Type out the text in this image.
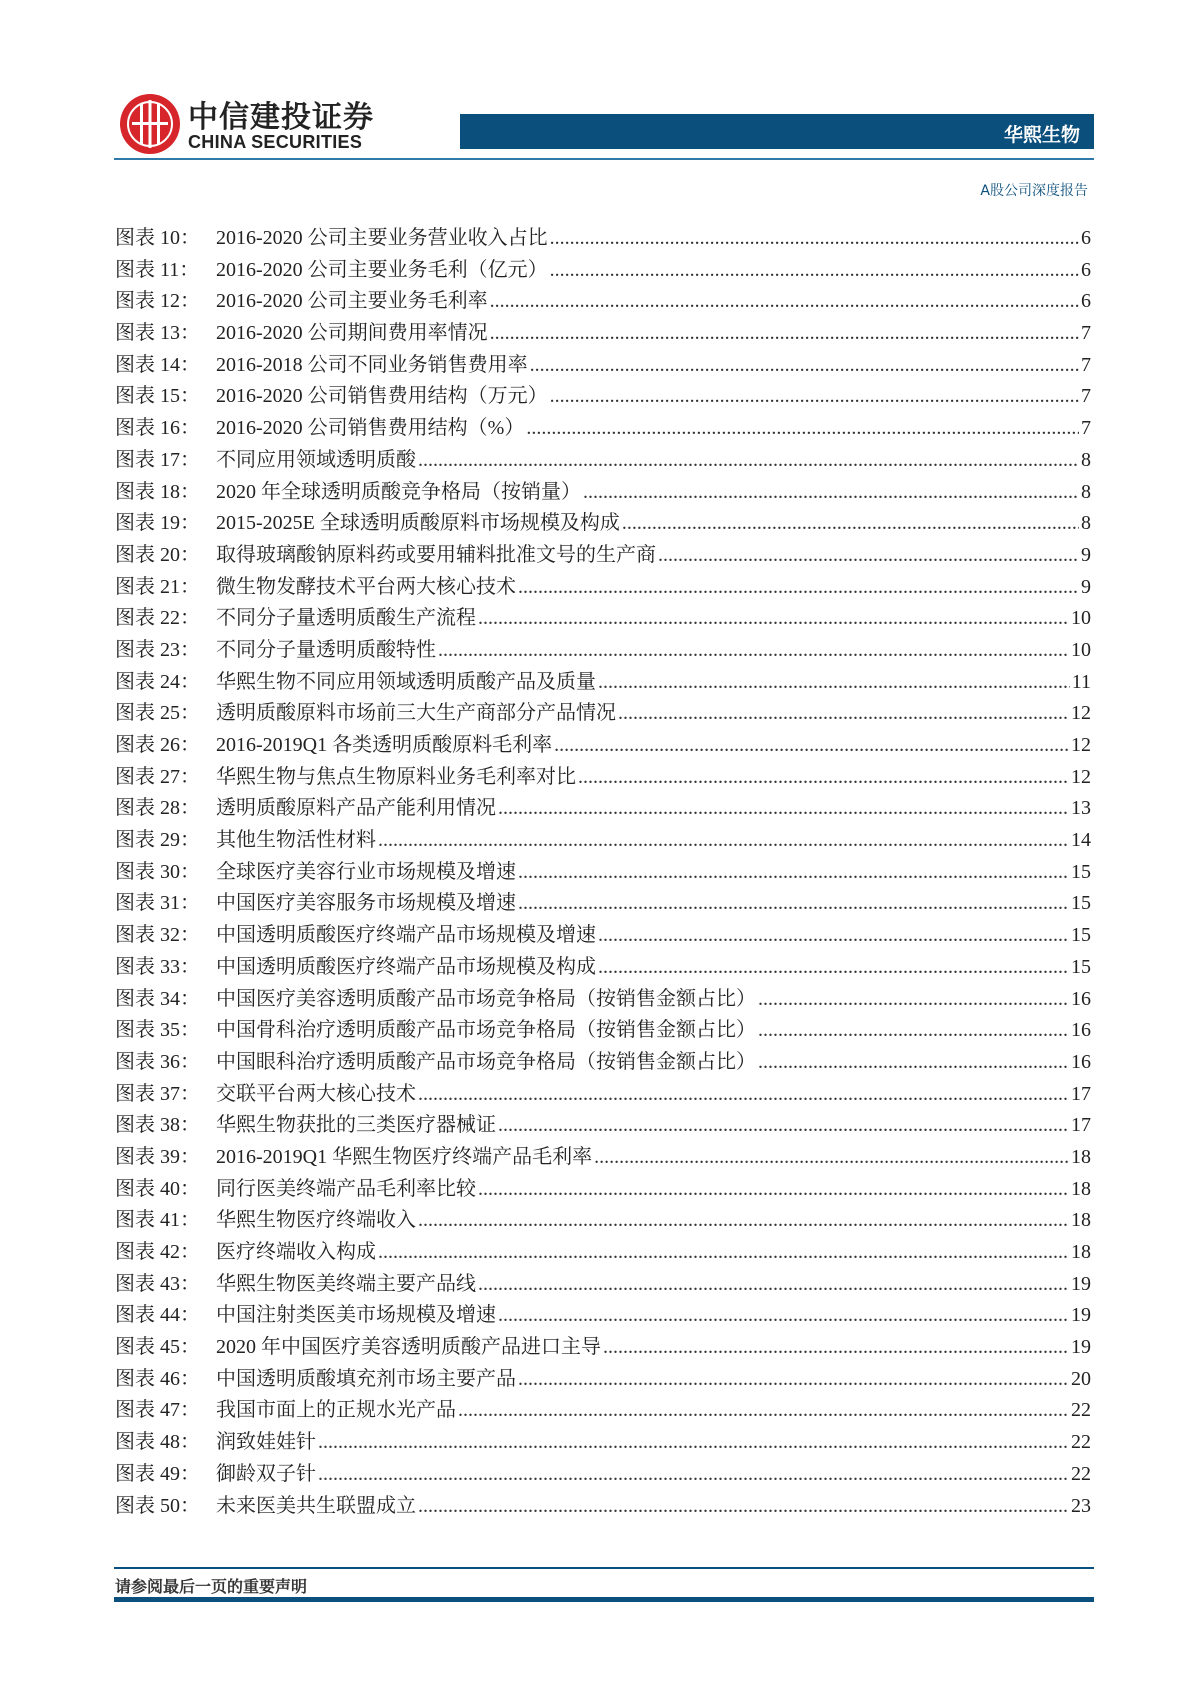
中信建投证券
CHINA SECURITIES	华熙生物
A股公司深度报告
图表 10： 2016-2020 公司主要业务营业收入占比 .....	6
图表 11： 2016-2020 公司主要业务毛利（亿元） .....	6
图表 12： 2016-2020 公司主要业务毛利率 .....	6
图表 13： 2016-2020 公司期间费用率情况 .....	7
图表 14： 2016-2018 公司不同业务销售费用率 .....	7
图表 15： 2016-2020 公司销售费用结构（万元） .....	7
图表 16： 2016-2020 公司销售费用结构（%） .....	7
图表 17： 不同应用领域透明质酸 .....	8
图表 18： 2020 年全球透明质酸竞争格局（按销量） .....	8
图表 19： 2015-2025E 全球透明质酸原料市场规模及构成 .....	8
图表 20： 取得玻璃酸钠原料药或要用辅料批准文号的生产商 .....	9
图表 21： 微生物发酵技术平台两大核心技术 .....	9
图表 22： 不同分子量透明质酸生产流程 .....	10
图表 23： 不同分子量透明质酸特性 .....	10
图表 24： 华熙生物不同应用领域透明质酸产品及质量 .....	11
图表 25： 透明质酸原料市场前三大生产商部分产品情况 .....	12
图表 26： 2016-2019Q1 各类透明质酸原料毛利率 .....	12
图表 27： 华熙生物与焦点生物原料业务毛利率对比 .....	12
图表 28： 透明质酸原料产品产能利用情况 .....	13
图表 29： 其他生物活性材料 .....	14
图表 30： 全球医疗美容行业市场规模及增速 .....	15
图表 31： 中国医疗美容服务市场规模及增速 .....	15
图表 32： 中国透明质酸医疗终端产品市场规模及增速 .....	15
图表 33： 中国透明质酸医疗终端产品市场规模及构成 .....	15
图表 34： 中国医疗美容透明质酸产品市场竞争格局（按销售金额占比） .....	16
图表 35： 中国骨科治疗透明质酸产品市场竞争格局（按销售金额占比） .....	16
图表 36： 中国眼科治疗透明质酸产品市场竞争格局（按销售金额占比） .....	16
图表 37： 交联平台两大核心技术 .....	17
图表 38： 华熙生物获批的三类医疗器械证 .....	17
图表 39： 2016-2019Q1 华熙生物医疗终端产品毛利率 .....	18
图表 40： 同行医美终端产品毛利率比较 .....	18
图表 41： 华熙生物医疗终端收入 .....	18
图表 42： 医疗终端收入构成 .....	18
图表 43： 华熙生物医美终端主要产品线 .....	19
图表 44： 中国注射类医美市场规模及增速 .....	19
图表 45： 2020 年中国医疗美容透明质酸产品进口主导 .....	19
图表 46： 中国透明质酸填充剂市场主要产品 .....	20
图表 47： 我国市面上的正规水光产品 .....	22
图表 48： 润致娃娃针 .....	22
图表 49： 御龄双子针 .....	22
图表 50： 未来医美共生联盟成立 .....	23
请参阅最后一页的重要声明
